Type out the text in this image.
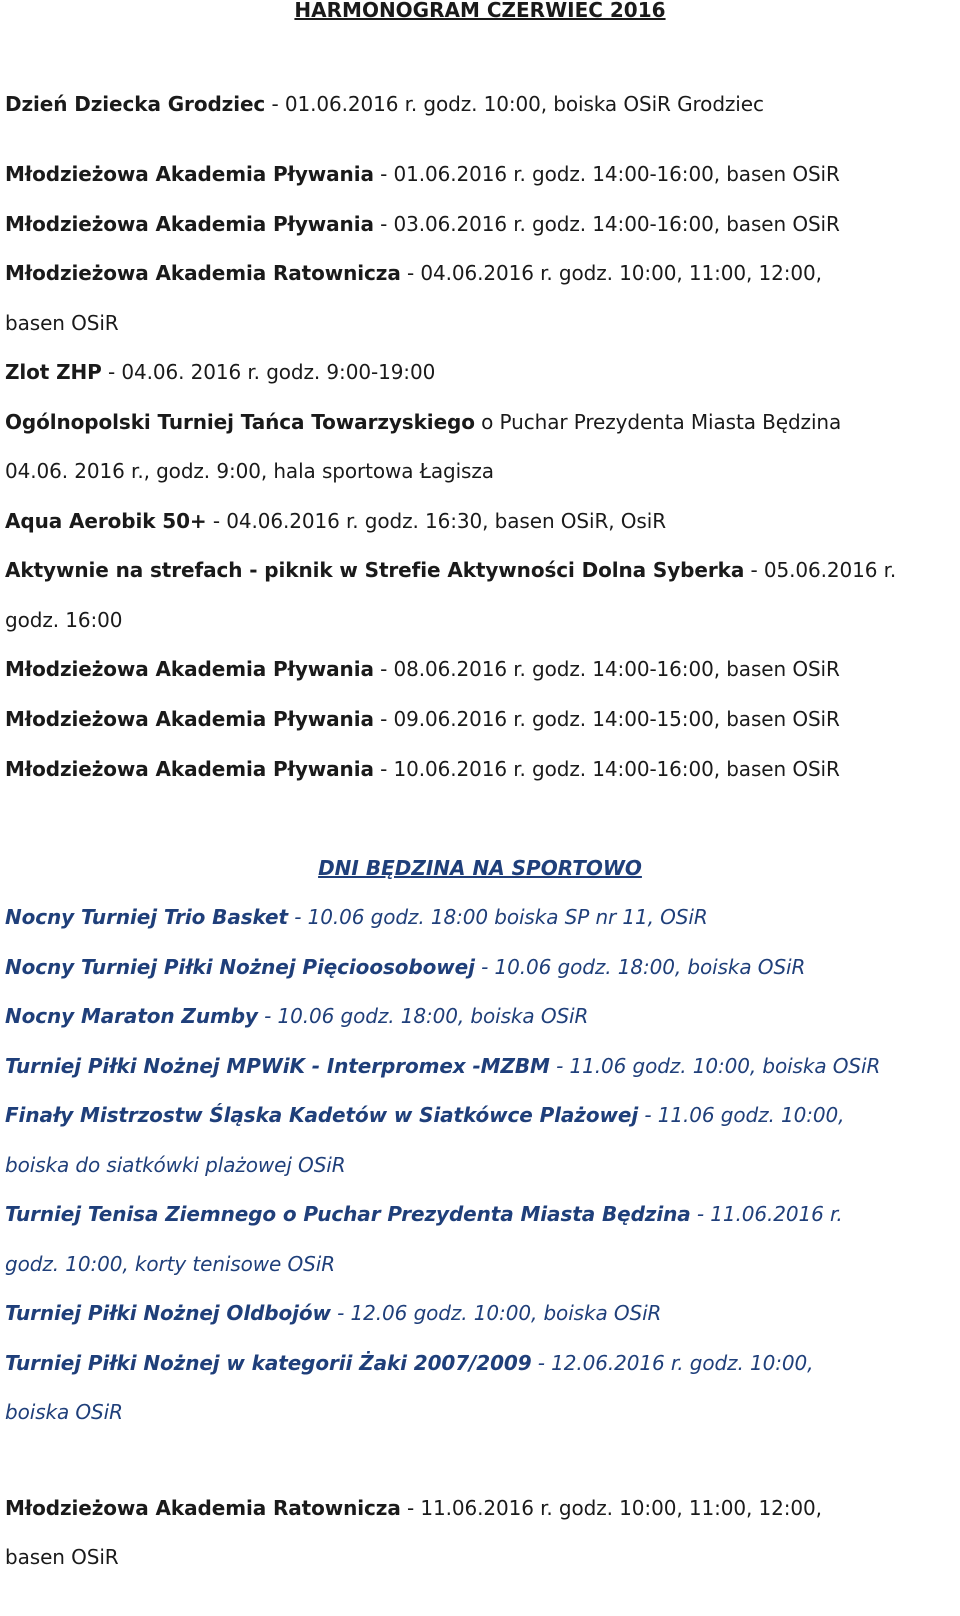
HARMONOGRAM CZERWIEC 2016
Dzień Dziecka Grodziec - 01.06.2016 r. godz. 10:00, boiska OSiR Grodziec
Młodzieżowa Akademia Pływania - 01.06.2016 r. godz. 14:00-16:00, basen OSiR
Młodzieżowa Akademia Pływania - 03.06.2016 r. godz. 14:00-16:00, basen OSiR
Młodzieżowa Akademia Ratownicza - 04.06.2016 r. godz. 10:00, 11:00, 12:00,
basen OSiR
Zlot ZHP - 04.06. 2016 r. godz. 9:00-19:00
Ogólnopolski Turniej Tańca Towarzyskiego o Puchar Prezydenta Miasta Będzina
04.06. 2016 r., godz. 9:00, hala sportowa Łagisza
Aqua Aerobik 50+ - 04.06.2016 r. godz. 16:30, basen OSiR, OsiR
Aktywnie na strefach - piknik w Strefie Aktywności Dolna Syberka - 05.06.2016 r.
godz. 16:00
Młodzieżowa Akademia Pływania - 08.06.2016 r. godz. 14:00-16:00, basen OSiR
Młodzieżowa Akademia Pływania - 09.06.2016 r. godz. 14:00-15:00, basen OSiR
Młodzieżowa Akademia Pływania - 10.06.2016 r. godz. 14:00-16:00, basen OSiR
DNI BĘDZINA NA SPORTOWO
Nocny Turniej Trio Basket - 10.06 godz. 18:00 boiska SP nr 11, OSiR
Nocny Turniej Piłki Nożnej Pięcioosobowej - 10.06 godz. 18:00, boiska OSiR
Nocny Maraton Zumby - 10.06 godz. 18:00, boiska OSiR
Turniej Piłki Nożnej MPWiK - Interpromex -MZBM - 11.06 godz. 10:00, boiska OSiR
Finały Mistrzostw Śląska Kadetów w Siatkówce Plażowej - 11.06 godz. 10:00,
boiska do siatkówki plażowej OSiR
Turniej Tenisa Ziemnego o Puchar Prezydenta Miasta Będzina - 11.06.2016 r.
godz. 10:00, korty tenisowe OSiR
Turniej Piłki Nożnej Oldbojów - 12.06 godz. 10:00, boiska OSiR
Turniej Piłki Nożnej w kategorii Żaki 2007/2009 - 12.06.2016 r. godz. 10:00,
boiska OSiR
Młodzieżowa Akademia Ratownicza - 11.06.2016 r. godz. 10:00, 11:00, 12:00,
basen OSiR
